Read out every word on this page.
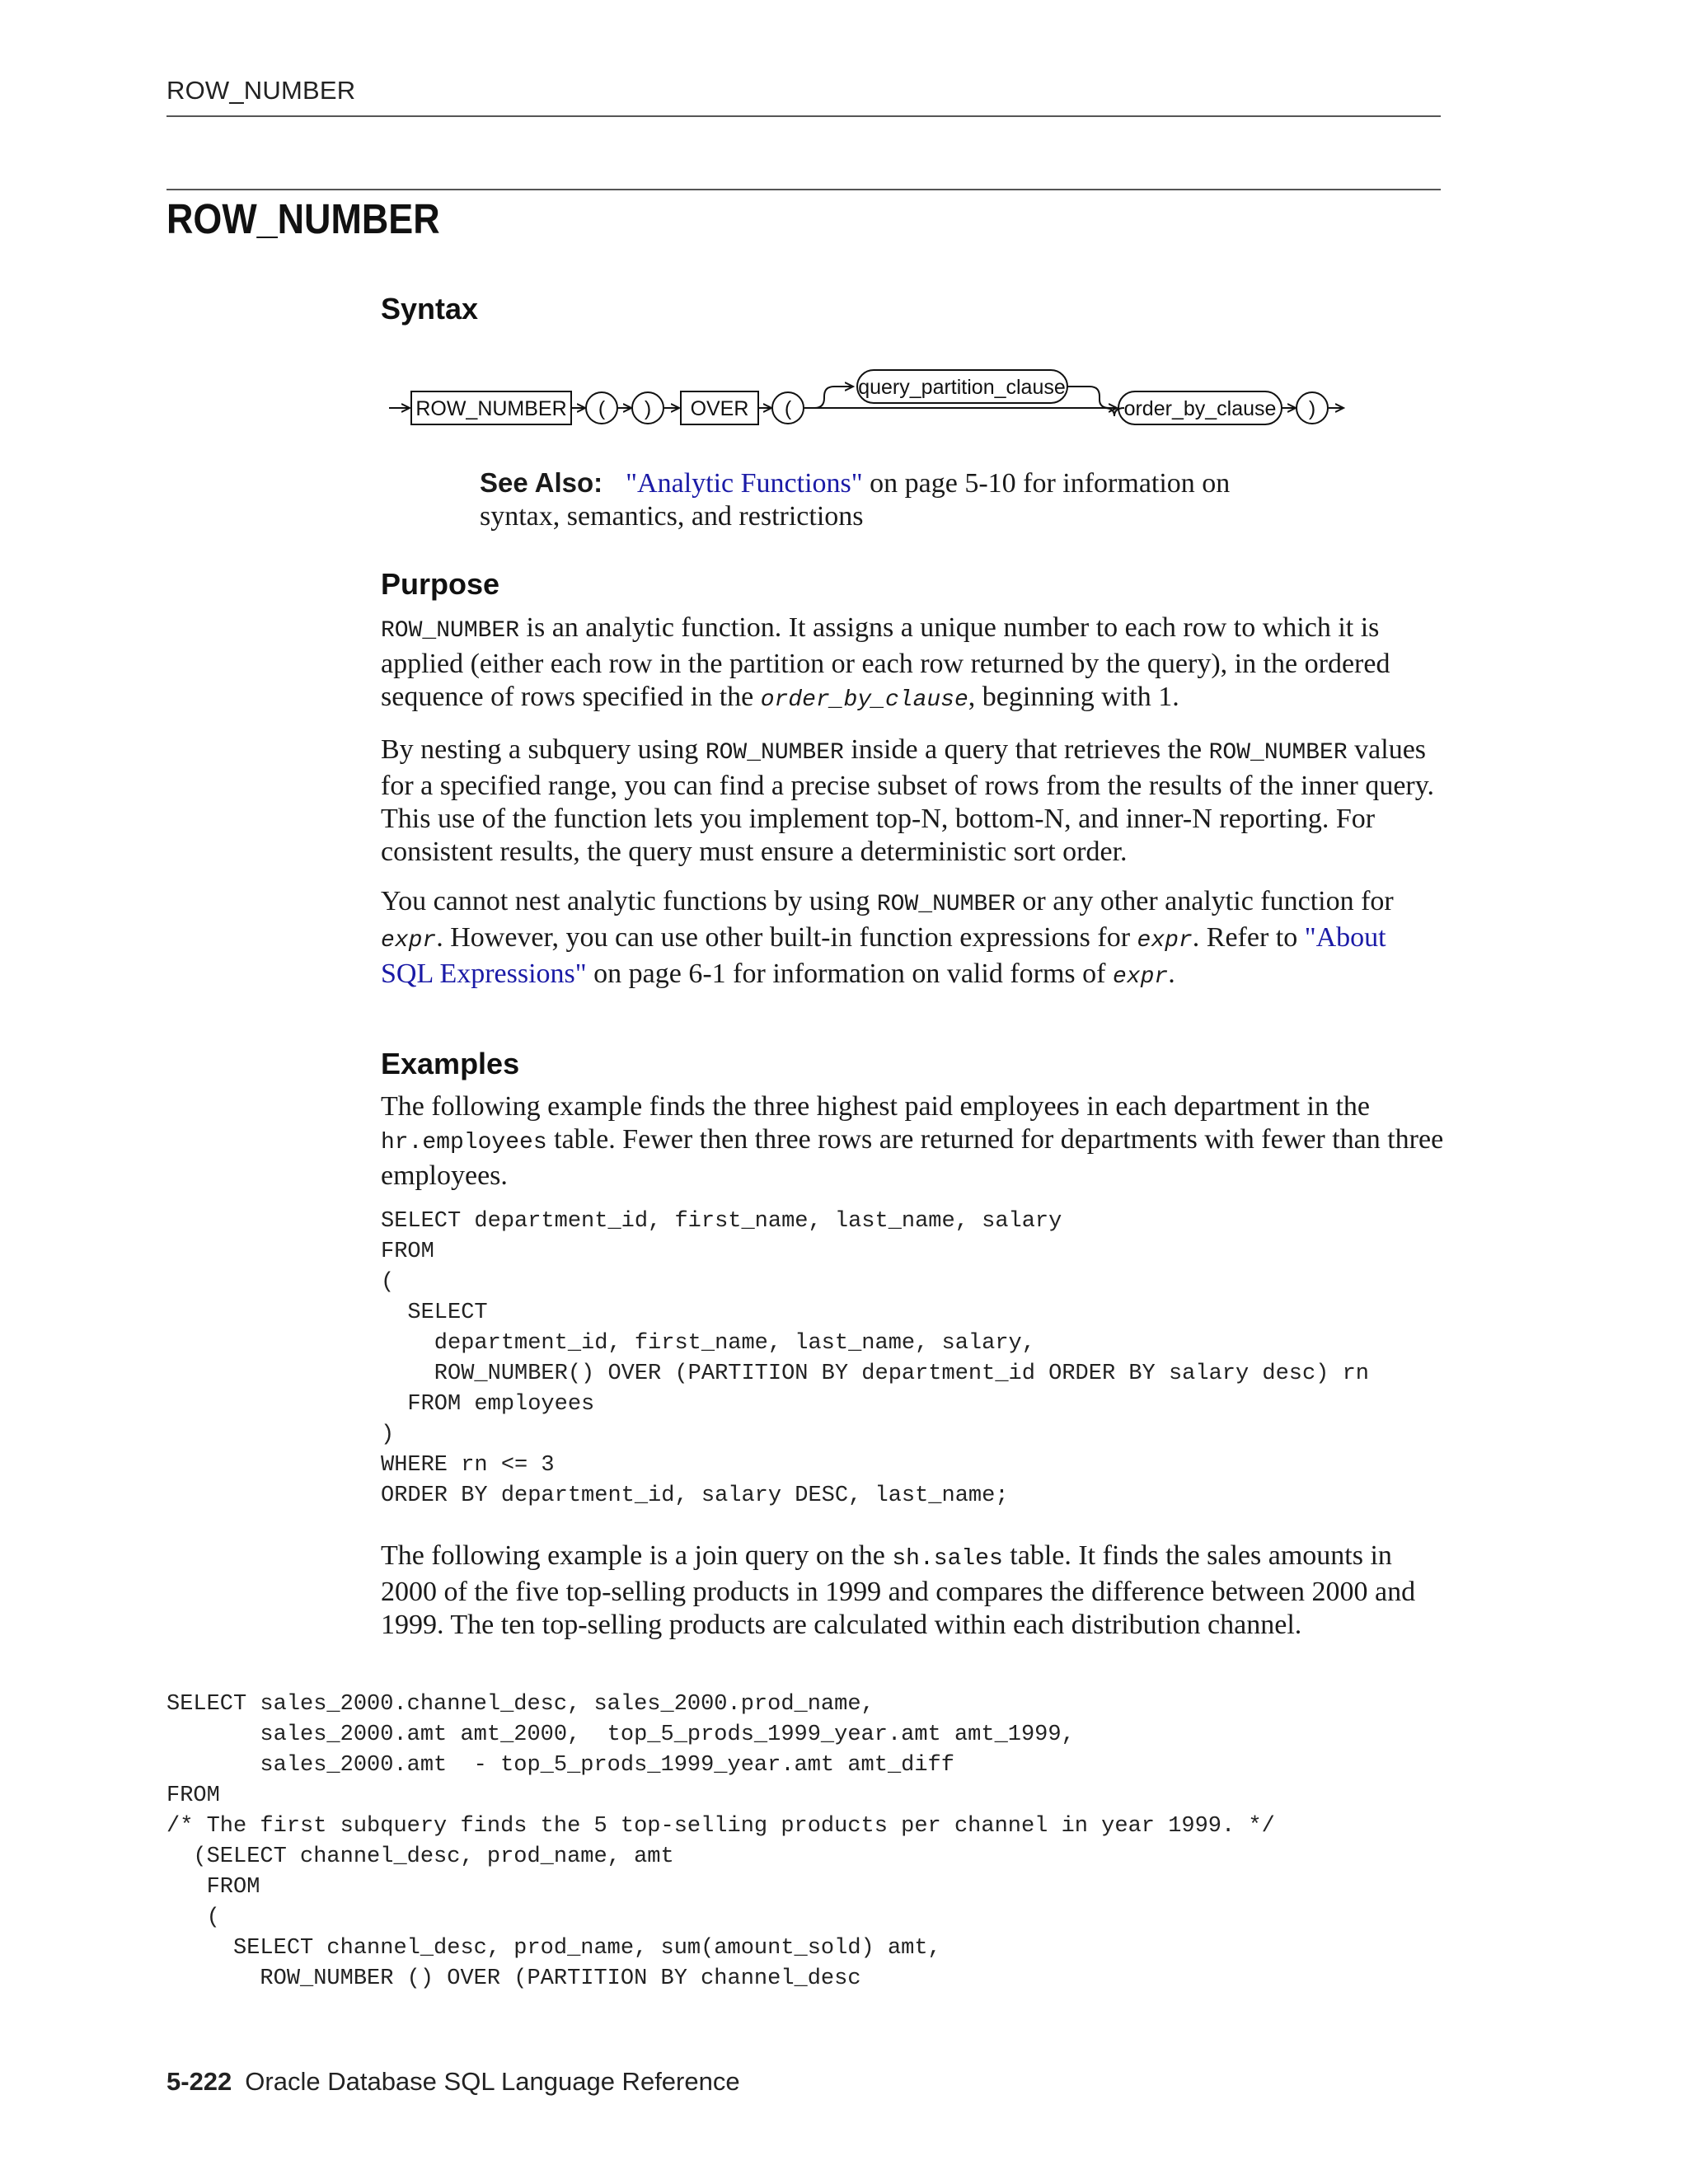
ROW_NUMBER
ROW_NUMBER
Syntax
ROW_NUMBER ( ) OVER (
query_partition_clause
order_by_clause )
See Also: "Analytic Functions" on page 5-10 for information on
syntax, semantics, and restrictions
Purpose

ROW_NUMBER is an analytic function. It assigns a unique number to each row to which it is applied (either each row in the partition or each row returned by the query), in the ordered sequence of rows specified in the order_by_clause, beginning with 1.

By nesting a subquery using ROW_NUMBER inside a query that retrieves the ROW_NUMBER values for a specified range, you can find a precise subset of rows from the results of the inner query. This use of the function lets you implement top-N, bottom-N, and inner-N reporting. For consistent results, the query must ensure a deterministic sort order.

You cannot nest analytic functions by using ROW_NUMBER or any other analytic function for expr. However, you can use other built-in function expressions for expr. Refer to "About SQL Expressions" on page 6-1 for information on valid forms of expr.

Examples

The following example finds the three highest paid employees in each department in the hr.employees table. Fewer then three rows are returned for departments with fewer than three employees.

SELECT department_id, first_name, last_name, salary
FROM
(
SELECT
department_id, first_name, last_name, salary,
ROW_NUMBER() OVER (PARTITION BY department_id ORDER BY salary desc) rn
FROM employees
)
WHERE rn <= 3
ORDER BY department_id, salary DESC, last_name;

The following example is a join query on the sh.sales table. It finds the sales amounts in 2000 of the five top-selling products in 1999 and compares the difference between 2000 and 1999. The ten top-selling products are calculated within each distribution channel.

SELECT sales_2000.channel_desc, sales_2000.prod_name,
sales_2000.amt amt_2000,  top_5_prods_1999_year.amt amt_1999,
sales_2000.amt  - top_5_prods_1999_year.amt amt_diff
FROM
/* The first subquery finds the 5 top-selling products per channel in year 1999. */
(SELECT channel_desc, prod_name, amt
FROM
(
SELECT channel_desc, prod_name, sum(amount_sold) amt,
ROW_NUMBER () OVER (PARTITION BY channel_desc
5-222 Oracle Database SQL Language Reference
